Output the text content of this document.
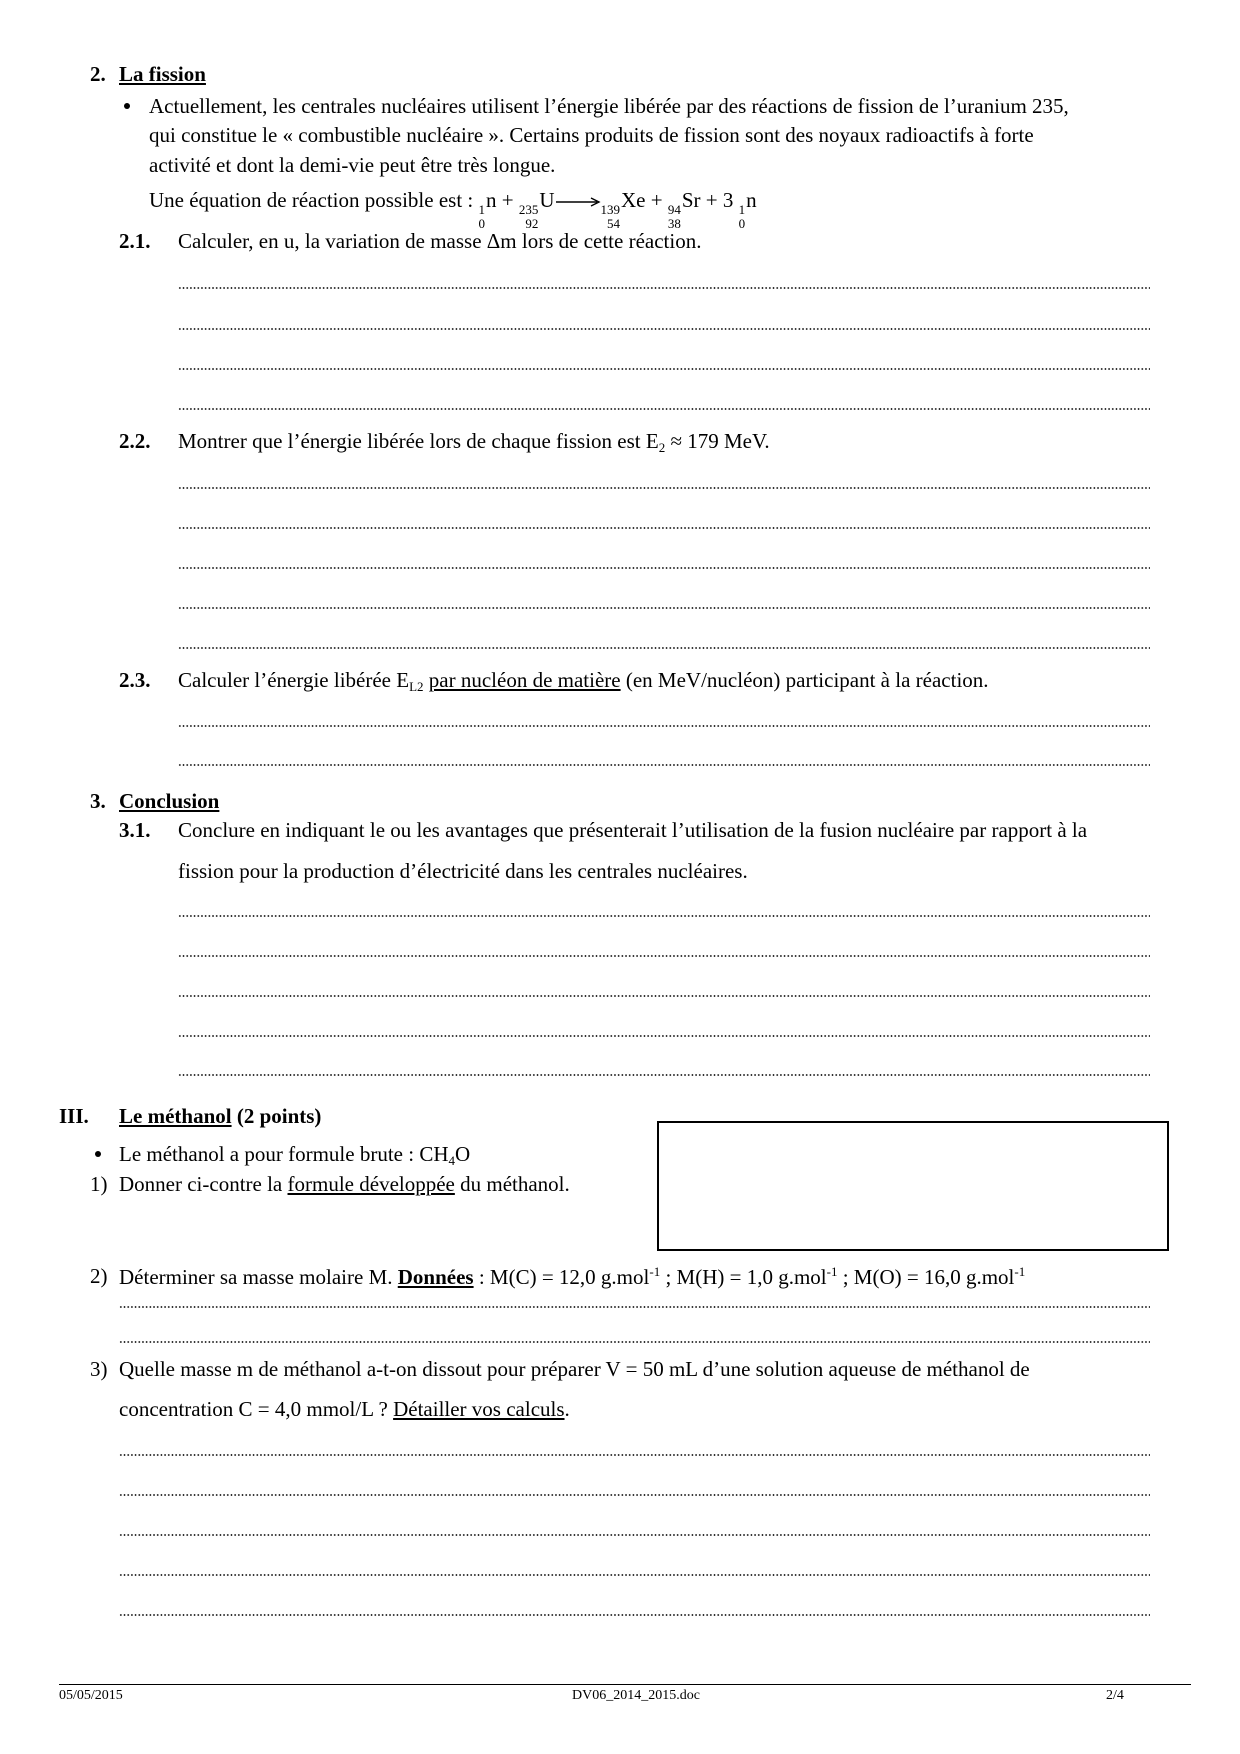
2. La fission
Actuellement, les centrales nucléaires utilisent l’énergie libérée par des réactions de fission de l’uranium 235,
qui constitue le « combustible nucléaire ». Certains produits de fission sont des noyaux radioactifs à forte
activité et dont la demi-vie peut être très longue.
Une équation de réaction possible est : 1
0
n + 235
92
U→ 139
54
Xe + 94
38
Sr + 3 1
0
n
2.1. Calculer, en u, la variation de masse Δm lors de cette réaction.
2.2. Montrer que l’énergie libérée lors de chaque fission est $E_2 \approx 179$ MeV.
2.3. Calculer l’énergie libérée $E_{L2}$ par nucléon de matière (en MeV/nucléon) participant à la réaction.
3. Conclusion
3.1. Conclure en indiquant le ou les avantages que présenterait l’utilisation de la fusion nucléaire par rapport à la
fission pour la production d’électricité dans les centrales nucléaires.
III. Le méthanol (2 points)
Le méthanol a pour formule brute : $CH_4O$
1) Donner ci-contre la formule développée du méthanol.
2) Déterminer sa masse molaire M. Données : M(C) = 12,0 g.mol$^{-1}$ ; M(H) = 1,0 g.mol$^{-1}$ ; M(O) = 16,0 g.mol$^{-1}$
3) Quelle masse m de méthanol a-t-on dissout pour préparer V = 50 mL d’une solution aqueuse de méthanol de
concentration C = 4,0 mmol/L ? Détailler vos calculs.
05/05/2015	DV06_2014_2015.doc	2/4
